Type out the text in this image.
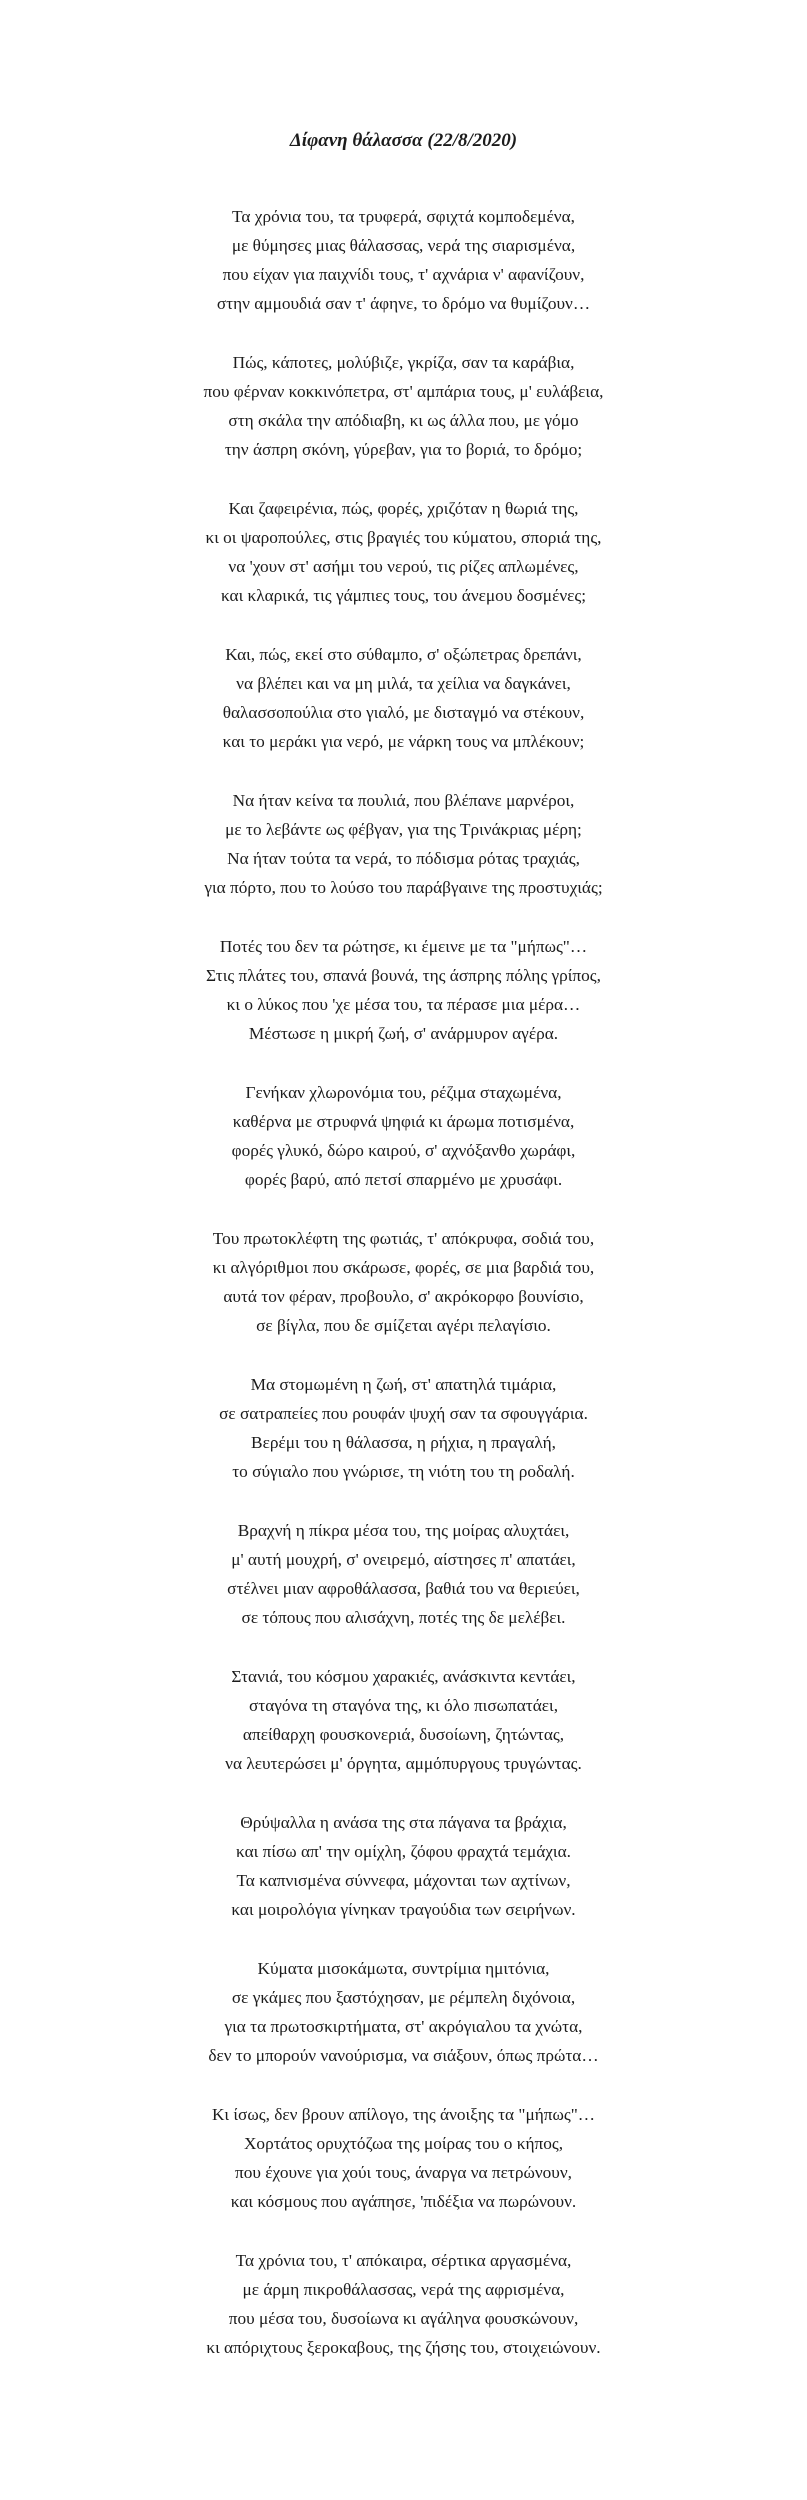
Δίφανη θάλασσα (22/8/2020)
Τα χρόνια του, τα τρυφερά, σφιχτά κομποδεμένα,
με θύμησες μιας θάλασσας, νερά της σιαρισμένα,
που είχαν για παιχνίδι τους, τ' αχνάρια ν' αφανίζουν,
στην αμμουδιά σαν τ' άφηνε, το δρόμο να θυμίζουν…
Πώς, κάποτες, μολύβιζε, γκρίζα, σαν τα καράβια,
που φέρναν κοκκινόπετρα, στ' αμπάρια τους, μ' ευλάβεια,
στη σκάλα την απόδιαβη, κι ως άλλα που, με γόμο
την άσπρη σκόνη, γύρεβαν, για το βοριά, το δρόμο;
Και ζαφειρένια, πώς, φορές, χριζόταν η θωριά της,
κι οι ψαροπούλες, στις βραγιές του κύματου, σποριά της,
να 'χουν στ' ασήμι του νερού, τις ρίζες απλωμένες,
και κλαρικά, τις γάμπιες τους, του άνεμου δοσμένες;
Και, πώς, εκεί στο σύθαμπο, σ' οξώπετρας δρεπάνι,
να βλέπει και να μη μιλά, τα χείλια να δαγκάνει,
θαλασσοπούλια στο γιαλό, με δισταγμό να στέκουν,
και το μεράκι για νερό, με νάρκη τους να μπλέκουν;
Να ήταν κείνα τα πουλιά, που βλέπανε μαρνέροι,
με το λεβάντε ως φέβγαν, για της Τρινάκριας μέρη;
Να ήταν τούτα τα νερά, το πόδισμα ρότας τραχιάς,
για πόρτο, που το λούσο του παράβγαινε της προστυχιάς;
Ποτές του δεν τα ρώτησε, κι έμεινε με τα "μήπως"…
Στις πλάτες του, σπανά βουνά, της άσπρης πόλης γρίπος,
κι ο λύκος που 'χε μέσα του, τα πέρασε μια μέρα…
Μέστωσε η μικρή ζωή, σ' ανάρμυρον αγέρα.
Γενήκαν χλωρονόμια του, ρέζιμα σταχωμένα,
καθέρνα με στρυφνά ψηφιά κι άρωμα ποτισμένα,
φορές γλυκό, δώρο καιρού, σ' αχνόξανθο χωράφι,
φορές βαρύ, από πετσί σπαρμένο με χρυσάφι.
Του πρωτοκλέφτη της φωτιάς, τ' απόκρυφα, σοδιά του,
κι αλγόριθμοι που σκάρωσε, φορές, σε μια βαρδιά του,
αυτά τον φέραν, προβουλο, σ' ακρόκορφο βουνίσιο,
σε βίγλα, που δε σμίζεται αγέρι πελαγίσιο.
Μα στομωμένη η ζωή, στ' απατηλά τιμάρια,
σε σατραπείες που ρουφάν ψυχή σαν τα σφουγγάρια.
Βερέμι του η θάλασσα, η ρήχια, η πραγαλή,
το σύγιαλο που γνώρισε, τη νιότη του τη ροδαλή.
Βραχνή η πίκρα μέσα του, της μοίρας αλυχτάει,
μ' αυτή μουχρή, σ' ονειρεμό, αίστησες π' απατάει,
στέλνει μιαν αφροθάλασσα, βαθιά του να θεριεύει,
σε τόπους που αλισάχνη, ποτές της δε μελέβει.
Στανιά, του κόσμου χαρακιές, ανάσκιντα κεντάει,
σταγόνα τη σταγόνα της, κι όλο πισωπατάει,
απείθαρχη φουσκονεριά, δυσοίωνη, ζητώντας,
να λευτερώσει μ' όργητα, αμμόπυργους τρυγώντας.
Θρύψαλλα η ανάσα της στα πάγανα τα βράχια,
και πίσω απ' την ομίχλη, ζόφου φραχτά τεμάχια.
Τα καπνισμένα σύννεφα, μάχονται των αχτίνων,
και μοιρολόγια γίνηκαν τραγούδια των σειρήνων.
Κύματα μισοκάμωτα, συντρίμια ημιτόνια,
σε γκάμες που ξαστόχησαν, με ρέμπελη διχόνοια,
για τα πρωτοσκιρτήματα, στ' ακρόγιαλου τα χνώτα,
δεν το μπορούν νανούρισμα, να σιάξουν, όπως πρώτα…
Κι ίσως, δεν βρουν απίλογο, της άνοιξης τα "μήπως"…
Χορτάτος ορυχτόζωα της μοίρας του ο κήπος,
που έχουνε για χούι τους, άναργα να πετρώνουν,
και κόσμους που αγάπησε, 'πιδέξια να πωρώνουν.
Τα χρόνια του, τ' απόκαιρα, σέρτικα αργασμένα,
με άρμη πικροθάλασσας, νερά της αφρισμένα,
που μέσα του, δυσοίωνα κι αγάληνα φουσκώνουν,
κι απόριχτους ξεροκαβους, της ζήσης του, στοιχειώνουν.
